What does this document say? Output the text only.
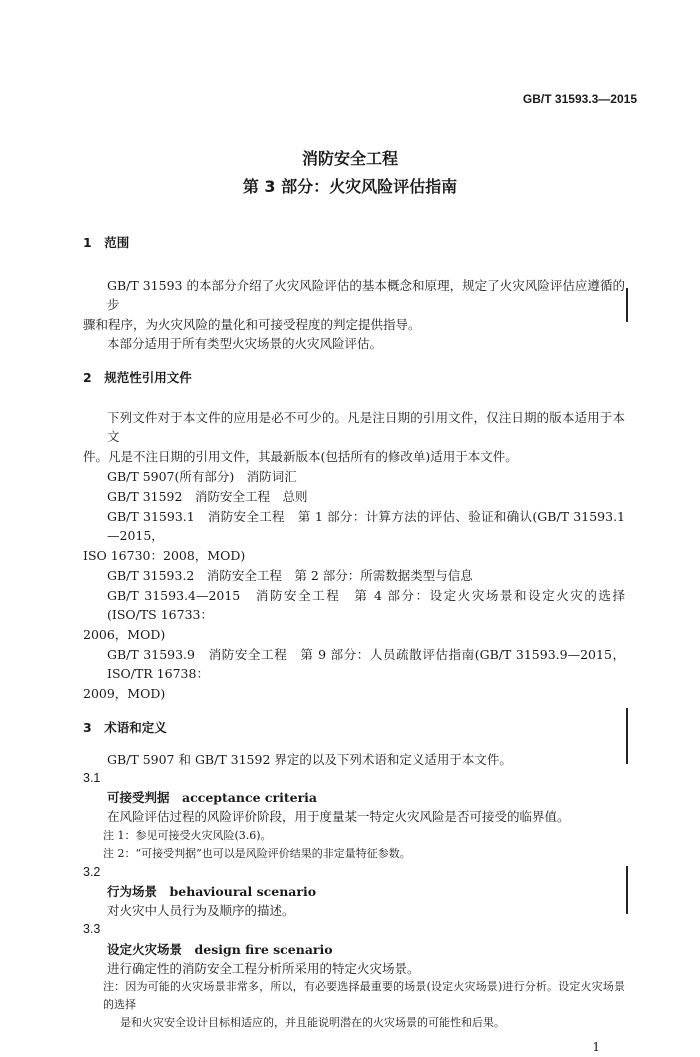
GB/T 31593.3—2015
消防安全工程
第 3 部分：火灾风险评估指南
1　范围
GB/T 31593 的本部分介绍了火灾风险评估的基本概念和原理，规定了火灾风险评估应遵循的步
骤和程序，为火灾风险的量化和可接受程度的判定提供指导。
本部分适用于所有类型火灾场景的火灾风险评估。
2　规范性引用文件
下列文件对于本文件的应用是必不可少的。凡是注日期的引用文件，仅注日期的版本适用于本文
件。凡是不注日期的引用文件，其最新版本(包括所有的修改单)适用于本文件。
GB/T 5907(所有部分)　消防词汇
GB/T 31592　消防安全工程　总则
GB/T 31593.1　消防安全工程　第 1 部分：计算方法的评估、验证和确认(GB/T 31593.1—2015，
ISO 16730：2008，MOD)
GB/T 31593.2　消防安全工程　第 2 部分：所需数据类型与信息
GB/T 31593.4—2015　消防安全工程　第 4 部分：设定火灾场景和设定火灾的选择(ISO/TS 16733：
2006，MOD)
GB/T 31593.9　消防安全工程　第 9 部分：人员疏散评估指南(GB/T 31593.9—2015，ISO/TR 16738：
2009，MOD)
3　术语和定义
GB/T 5907 和 GB/T 31592 界定的以及下列术语和定义适用于本文件。
3.1
可接受判据　acceptance criteria
在风险评估过程的风险评价阶段，用于度量某一特定火灾风险是否可接受的临界值。
注 1：参见可接受火灾风险(3.6)。
注 2：“可接受判据”也可以是风险评价结果的非定量特征参数。
3.2
行为场景　behavioural scenario
对火灾中人员行为及顺序的描述。
3.3
设定火灾场景　design fire scenario
进行确定性的消防安全工程分析所采用的特定火灾场景。
注：因为可能的火灾场景非常多，所以，有必要选择最重要的场景(设定火灾场景)进行分析。设定火灾场景的选择
是和火灾安全设计目标相适应的，并且能说明潜在的火灾场景的可能性和后果。
1
